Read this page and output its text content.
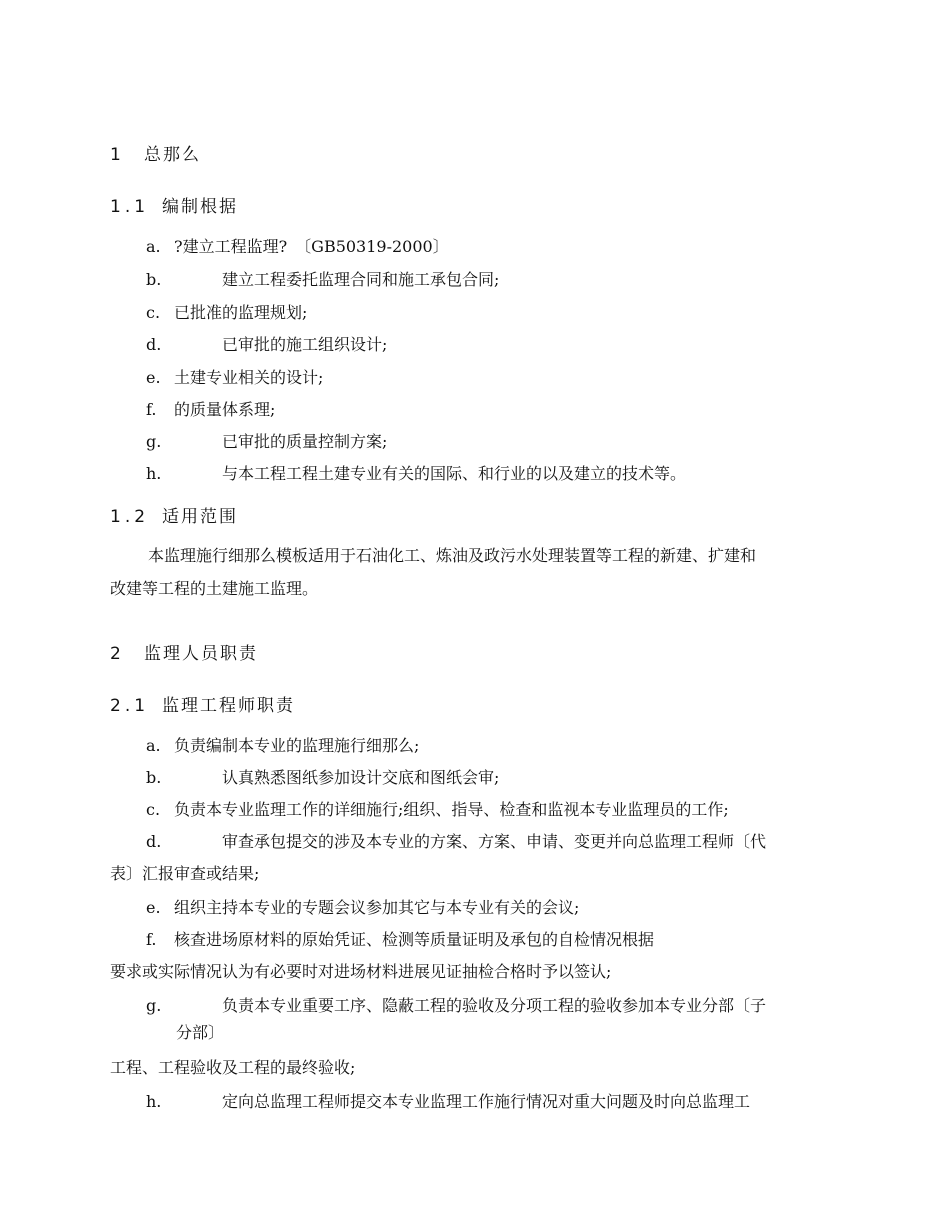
1 总那么
1.1 编制根据
a. ?建立工程监理?　〔GB50319-2000〕
b.	建立工程委托监理合同和施工承包合同;
c. 已批准的监理规划;
d.	已审批的施工组织设计;
e. 土建专业相关的设计;
f. 的质量体系理;
g.	已审批的质量控制方案;
h.	与本工程工程土建专业有关的国际、和行业的以及建立的技术等。
1.2 适用范围
本监理施行细那么模板适用于石油化工、炼油及政污水处理装置等工程的新建、扩建和
改建等工程的土建施工监理。
2 监理人员职责
2.1 监理工程师职责
a. 负责编制本专业的监理施行细那么;
b.	认真熟悉图纸参加设计交底和图纸会审;
c. 负责本专业监理工作的详细施行;组织、指导、检查和监视本专业监理员的工作;
d.	审查承包提交的涉及本专业的方案、方案、申请、变更并向总监理工程师〔代
表〕汇报审查或结果;
e. 组织主持本专业的专题会议参加其它与本专业有关的会议;
f. 核查进场原材料的原始凭证、检测等质量证明及承包的自检情况根据
要求或实际情况认为有必要时对进场材料进展见证抽检合格时予以签认;
g.	负责本专业重要工序、隐蔽工程的验收及分项工程的验收参加本专业分部〔子
分部〕
工程、工程验收及工程的最终验收;
h.	定向总监理工程师提交本专业监理工作施行情况对重大问题及时向总监理工
